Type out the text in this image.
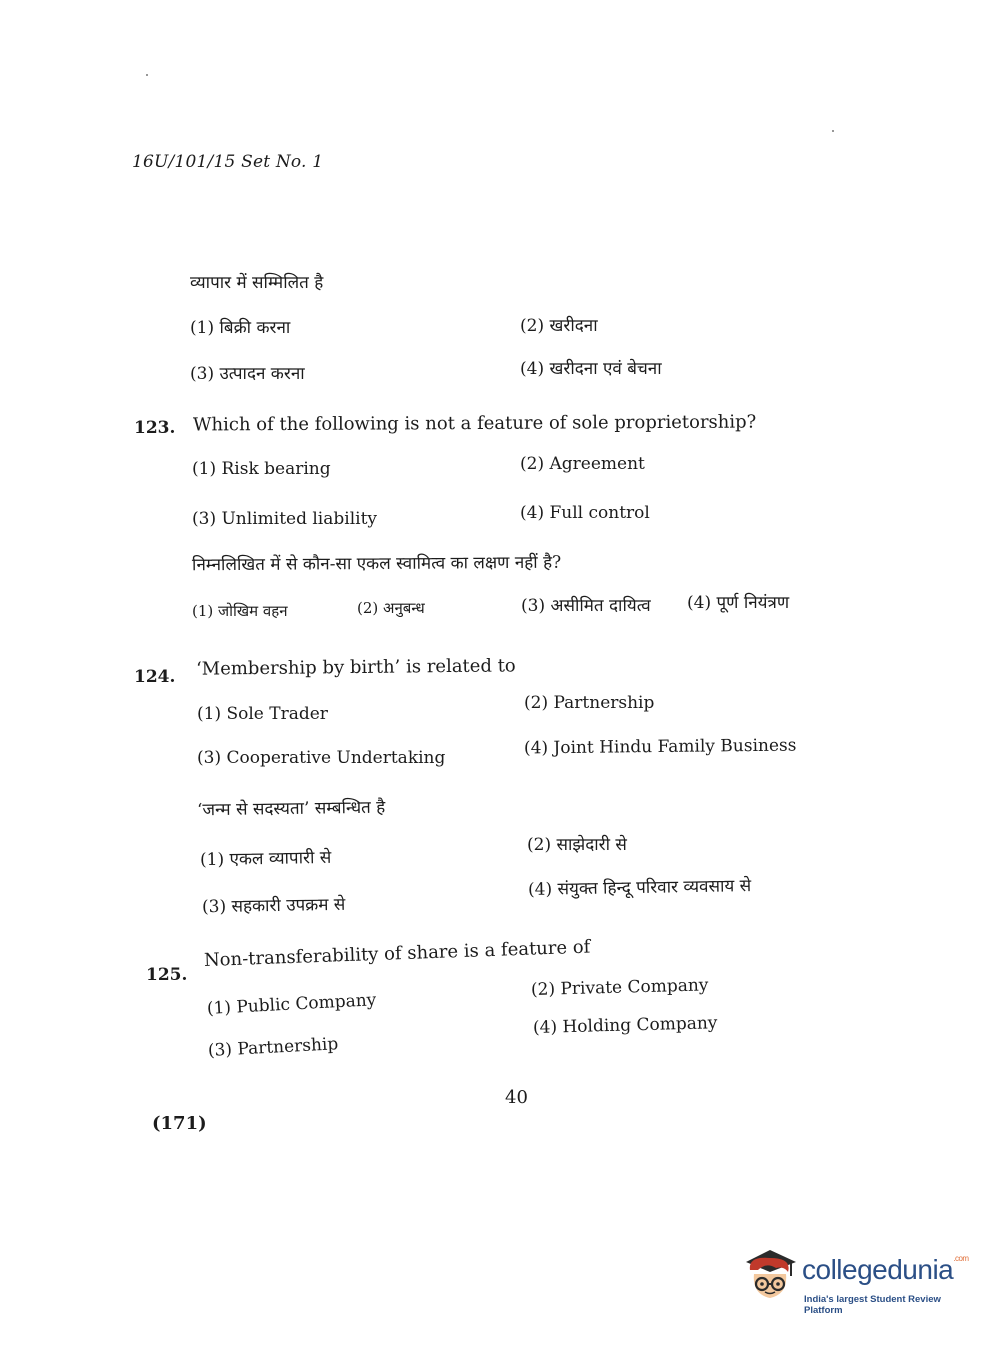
16U/101/15 Set No. 1
व्यापार में सम्मिलित है
(1) बिक्री करना	(2) खरीदना
(3) उत्पादन करना	(4) खरीदना एवं बेचना
123. Which of the following is not a feature of sole proprietorship?
(1) Risk bearing	(2) Agreement
(3) Unlimited liability	(4) Full control
निम्नलिखित में से कौन-सा एकल स्वामित्व का लक्षण नहीं है?
(1) जोखिम वहन	(2) अनुबन्ध	(3) असीमित दायित्व (4) पूर्ण नियंत्रण
124. ‘Membership by birth’ is related to
(1) Sole Trader
(2) Partnership
(3) Cooperative Undertaking	(4) Joint Hindu Family Business
‘जन्म से सदस्यता’ सम्बन्धित है
(1) एकल व्यापारी से
(2) साझेदारी से
(3) सहकारी उपक्रम से
(4) संयुक्त हिन्दू परिवार व्यवसाय से
125.
Non-transferability of share is a feature of
(1) Public Company
(2) Private Company
(3) Partnership
(4) Holding Company
40
(171)
collegedunia$^{.com}$
India's largest Student Review Platform
